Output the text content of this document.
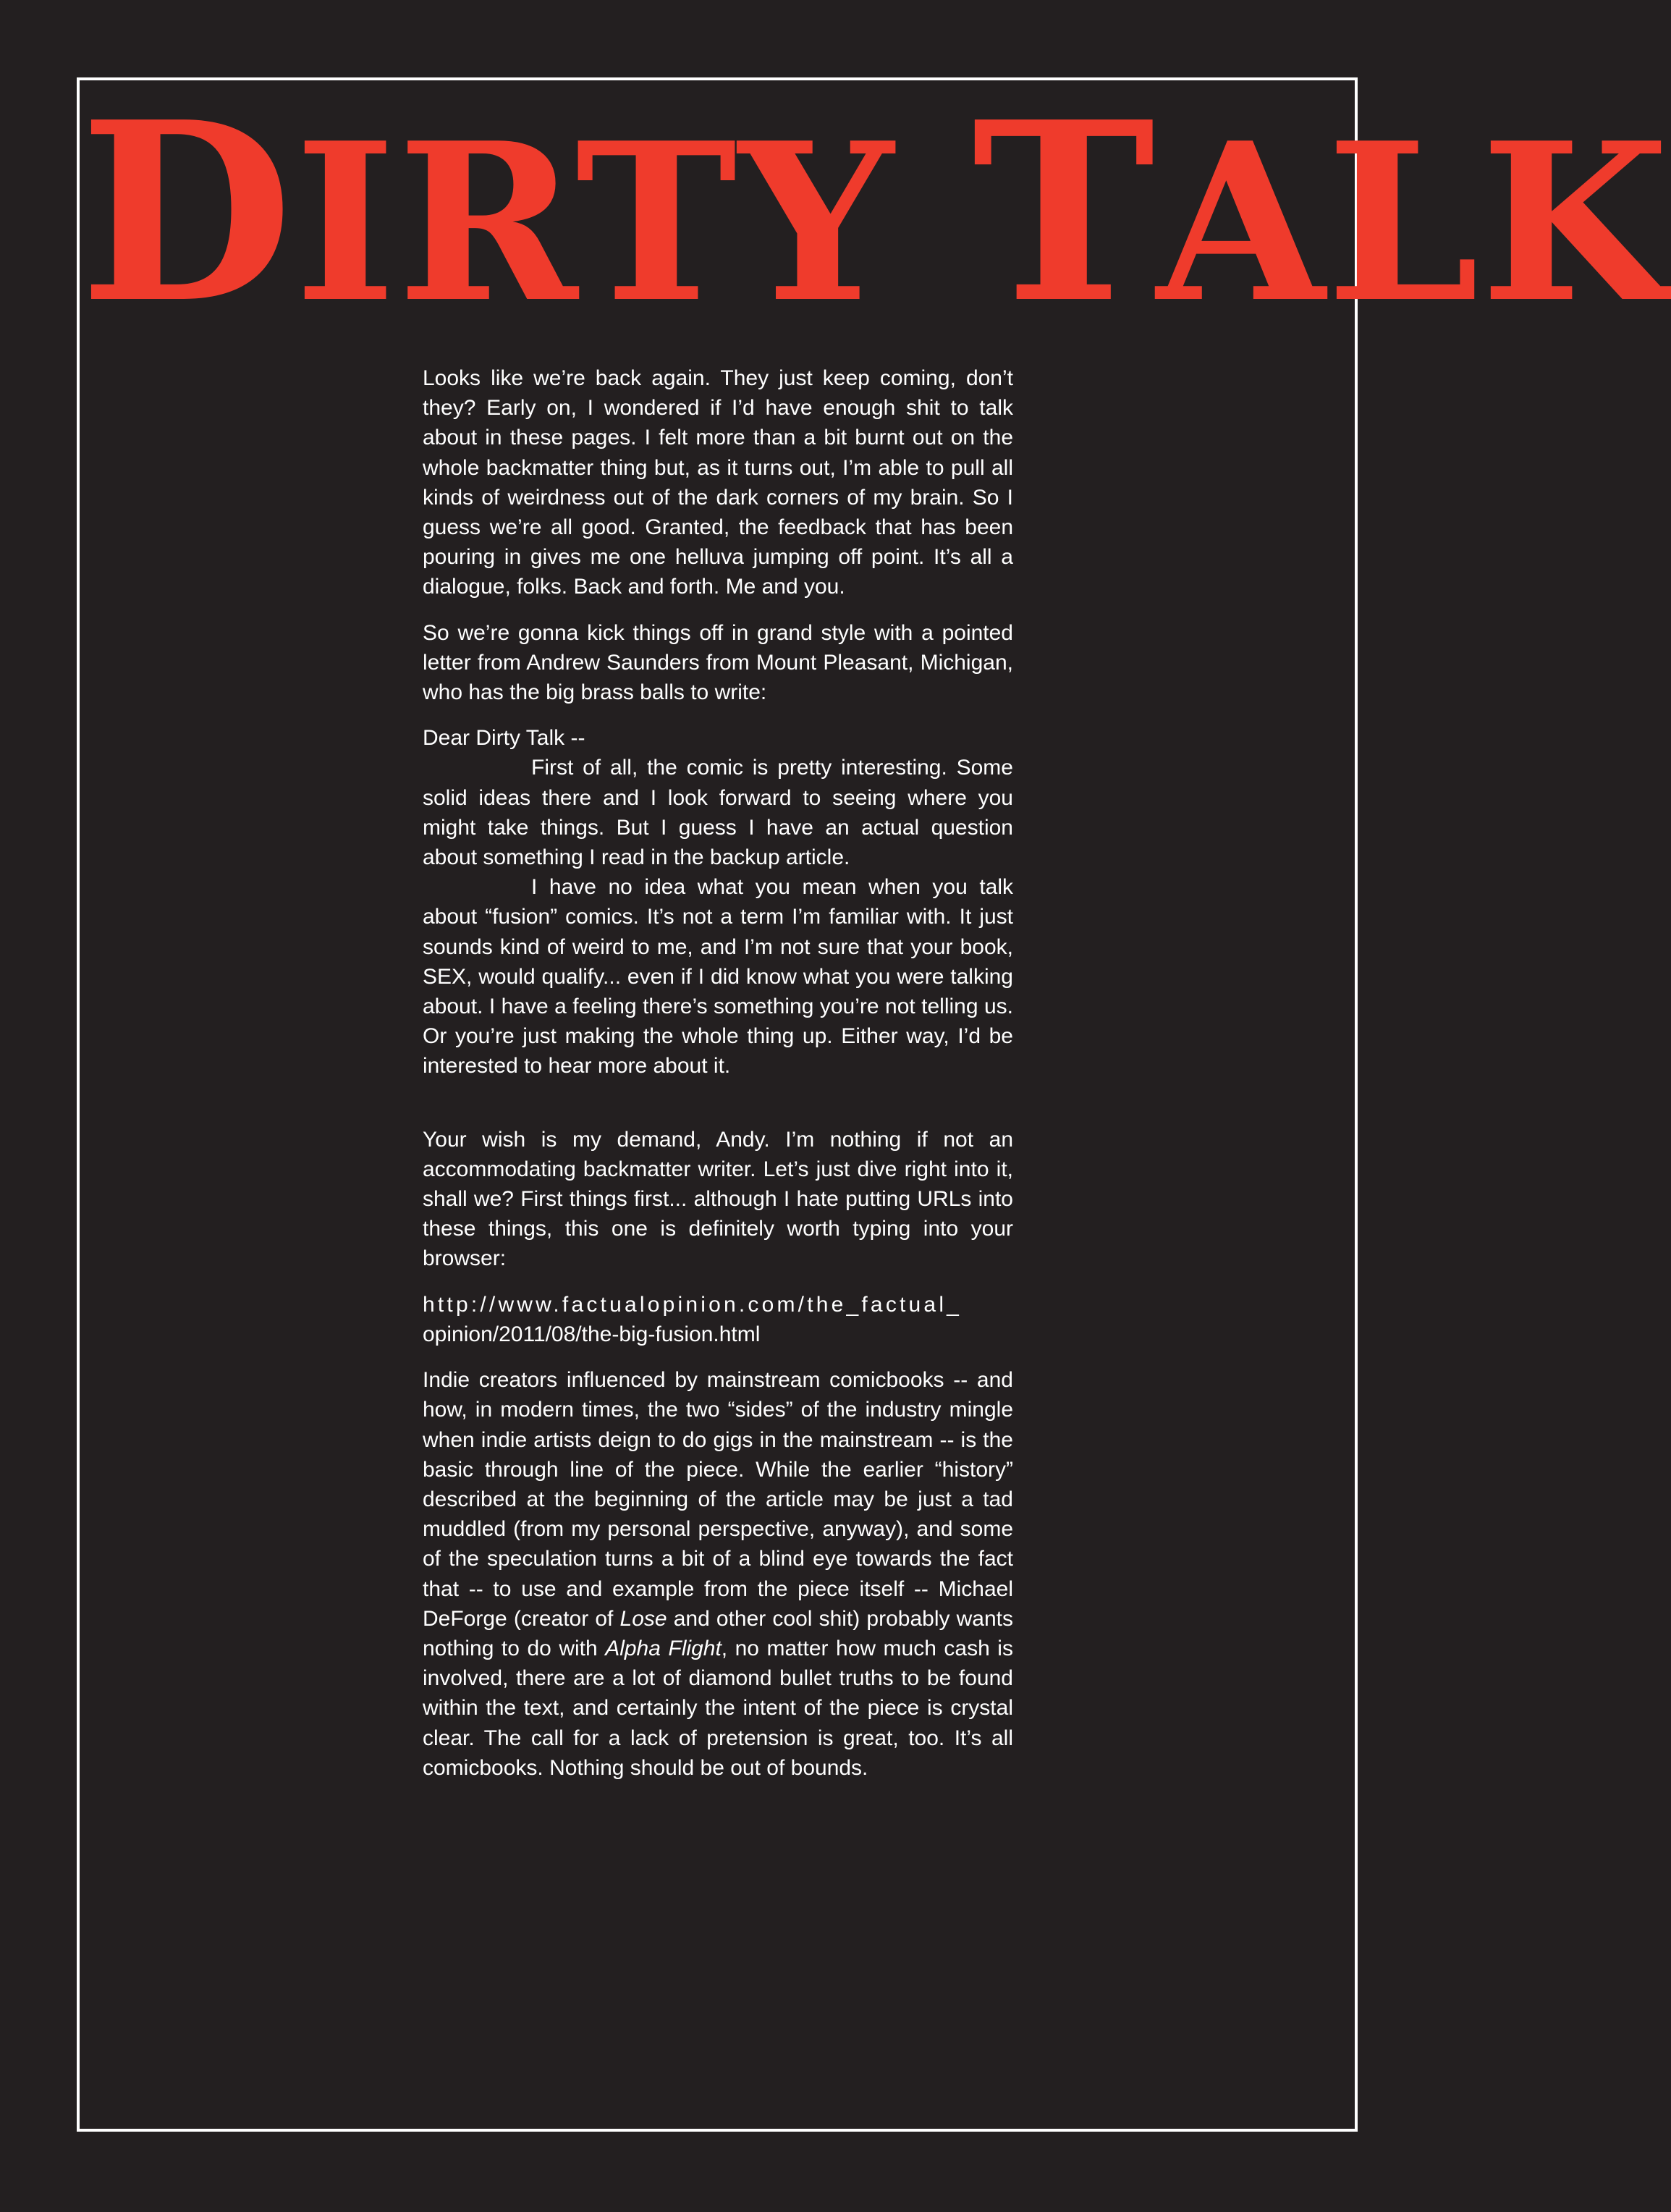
DIRTY TALK

Looks like we’re back again. They just keep coming, don’t they? Early on, I wondered if I’d have enough shit to talk about in these pages. I felt more than a bit burnt out on the whole backmatter thing but, as it turns out, I’m able to pull all kinds of weirdness out of the dark corners of my brain. So I guess we’re all good. Granted, the feedback that has been pouring in gives me one helluva jumping off point. It’s all a dialogue, folks. Back and forth. Me and you.

So we’re gonna kick things off in grand style with a pointed letter from Andrew Saunders from Mount Pleasant, Michigan, who has the big brass balls to write:

Dear Dirty Talk --

First of all, the comic is pretty interesting. Some solid ideas there and I look forward to seeing where you might take things. But I guess I have an actual question about something I read in the backup article.

I have no idea what you mean when you talk about “fusion” comics. It’s not a term I’m familiar with. It just sounds kind of weird to me, and I’m not sure that your book, SEX, would qualify... even if I did know what you were talking about. I have a feeling there’s something you’re not telling us. Or you’re just making the whole thing up. Either way, I’d be interested to hear more about it.

Your wish is my demand, Andy. I’m nothing if not an accommodating backmatter writer. Let’s just dive right into it, shall we? First things first... although I hate putting URLs into these things, this one is definitely worth typing into your browser:

http://www.factualopinion.com/the_factual_
opinion/2011/08/the-big-fusion.html

Indie creators influenced by mainstream comicbooks -- and how, in modern times, the two “sides” of the industry mingle when indie artists deign to do gigs in the mainstream -- is the basic through line of the piece. While the earlier “history” described at the beginning of the article may be just a tad muddled (from my personal perspective, anyway), and some of the speculation turns a bit of a blind eye towards the fact that -- to use and example from the piece itself -- Michael DeForge (creator of Lose and other cool shit) probably wants nothing to do with Alpha Flight, no matter how much cash is involved, there are a lot of diamond bullet truths to be found within the text, and certainly the intent of the piece is crystal clear. The call for a lack of pretension is great, too. It’s all comicbooks. Nothing should be out of bounds.
